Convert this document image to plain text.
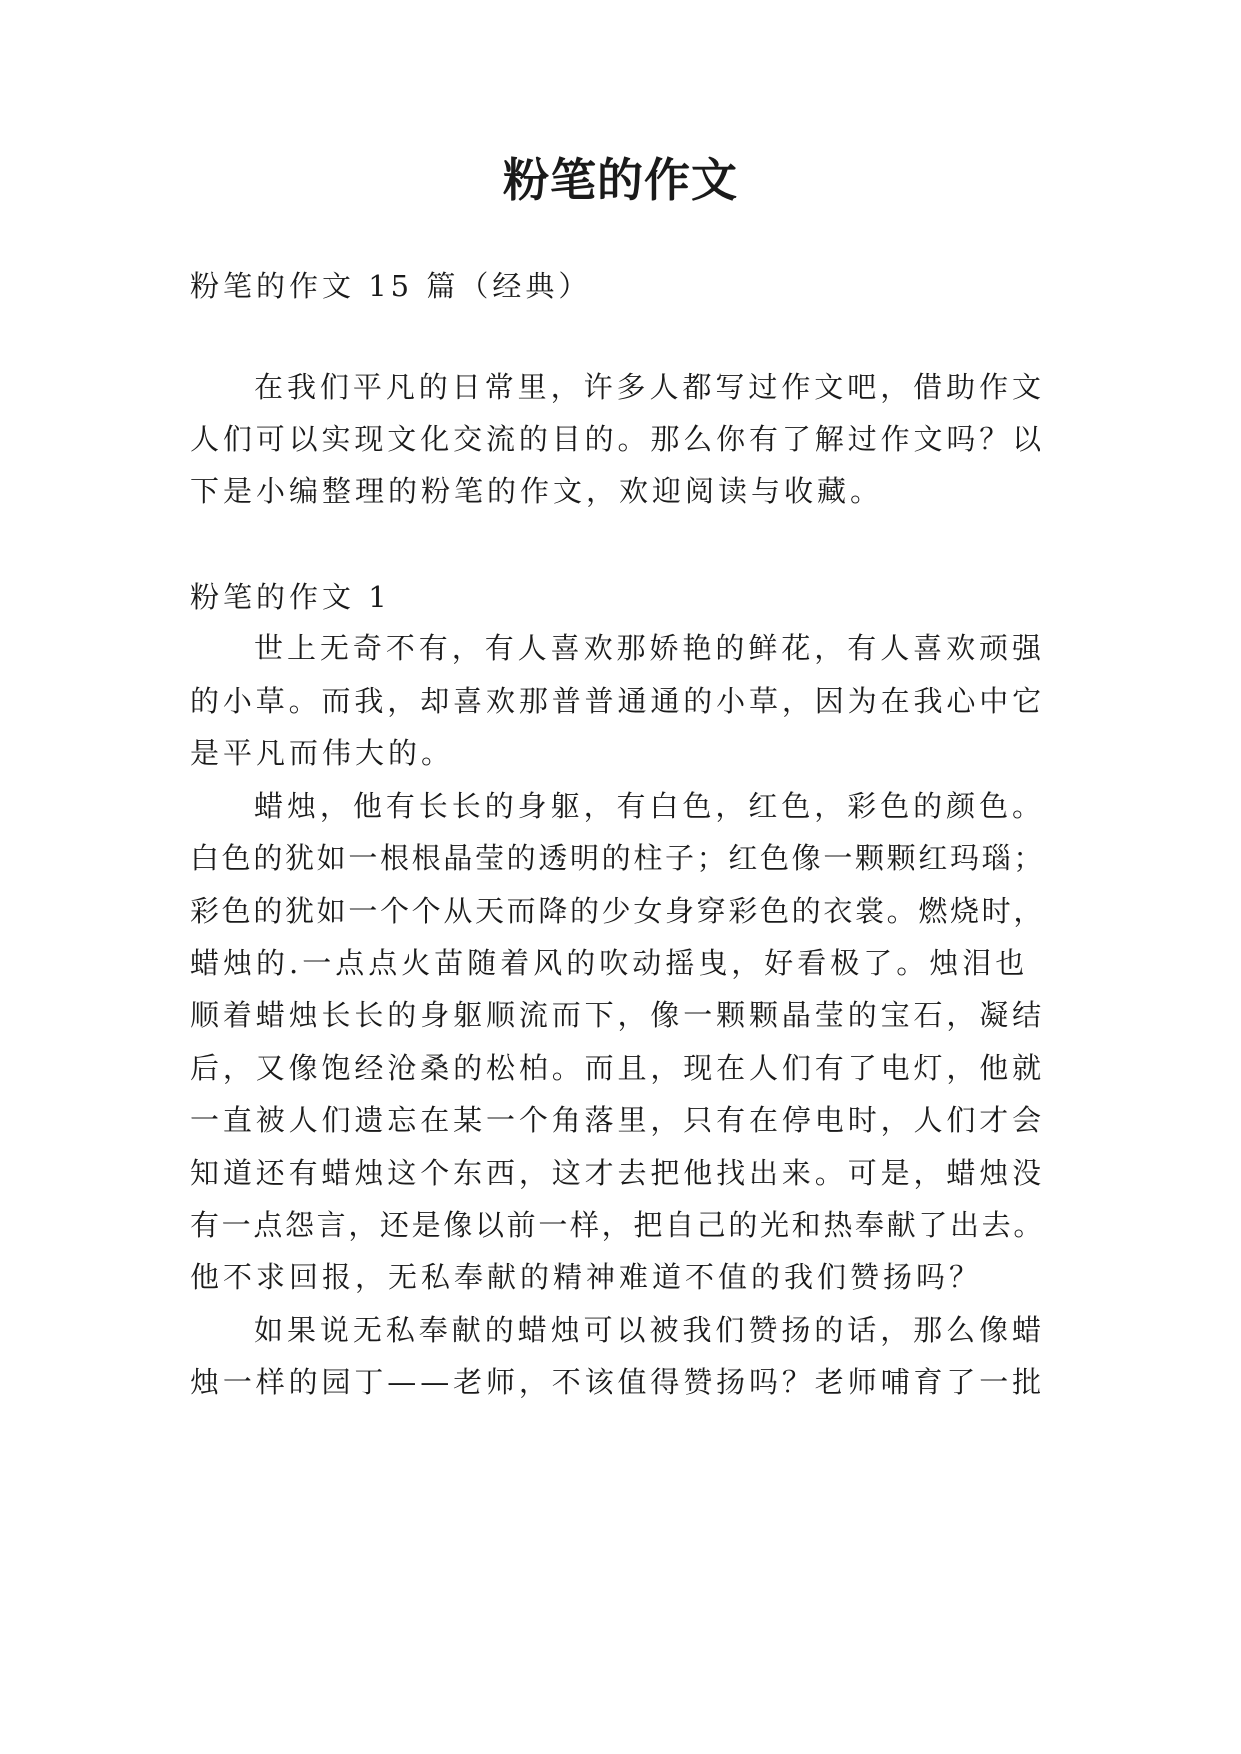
粉笔的作文
粉笔的作文 15 篇（经典）
在我们平凡的日常里，许多人都写过作文吧，借助作文
人们可以实现文化交流的目的。那么你有了解过作文吗？以
下是小编整理的粉笔的作文，欢迎阅读与收藏。
粉笔的作文 1
世上无奇不有，有人喜欢那娇艳的鲜花，有人喜欢顽强
的小草。而我，却喜欢那普普通通的小草，因为在我心中它
是平凡而伟大的。
蜡烛，他有长长的身躯，有白色，红色，彩色的颜色。
白色的犹如一根根晶莹的透明的柱子；红色像一颗颗红玛瑙；
彩色的犹如一个个从天而降的少女身穿彩色的衣裳。燃烧时，
蜡烛的.一点点火苗随着风的吹动摇曳，好看极了。烛泪也
顺着蜡烛长长的身躯顺流而下，像一颗颗晶莹的宝石，凝结
后，又像饱经沧桑的松柏。而且，现在人们有了电灯，他就
一直被人们遗忘在某一个角落里，只有在停电时，人们才会
知道还有蜡烛这个东西，这才去把他找出来。可是，蜡烛没
有一点怨言，还是像以前一样，把自己的光和热奉献了出去。
他不求回报，无私奉献的精神难道不值的我们赞扬吗？
如果说无私奉献的蜡烛可以被我们赞扬的话，那么像蜡
烛一样的园丁——老师，不该值得赞扬吗？老师哺育了一批
